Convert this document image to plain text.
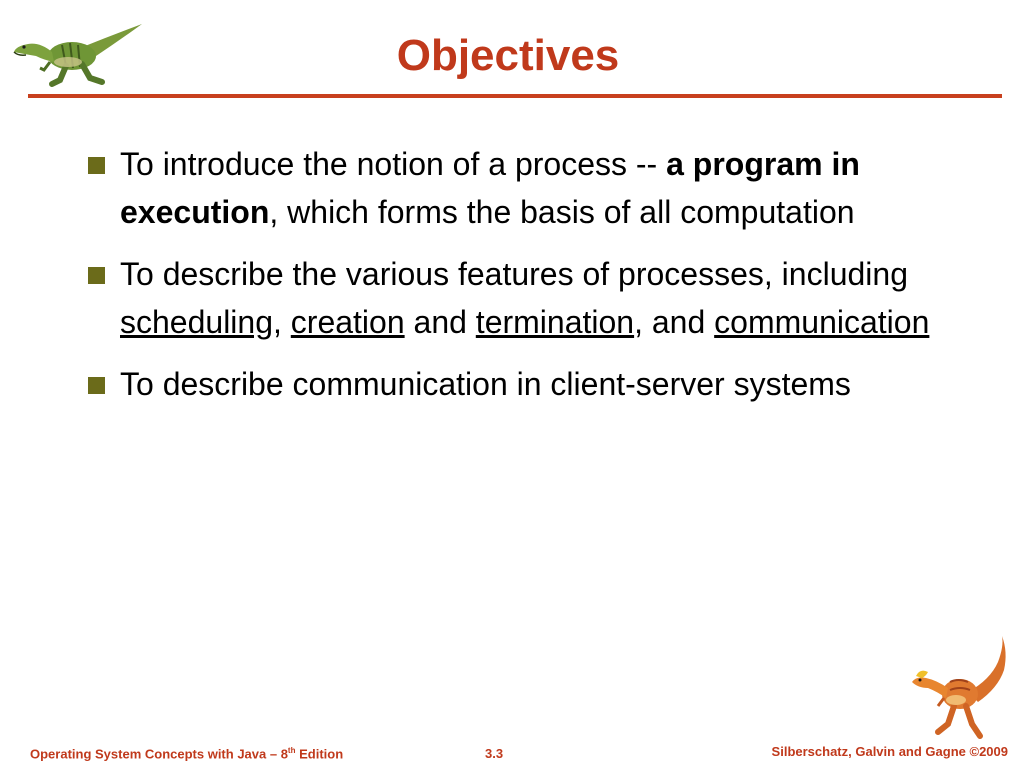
Objectives
To introduce the notion of a process -- a program in execution, which forms the basis of all computation
To describe the various features of processes, including scheduling, creation and termination, and communication
To describe communication in client-server systems
Operating System Concepts with Java – 8th Edition	3.3	Silberschatz, Galvin and Gagne ©2009
